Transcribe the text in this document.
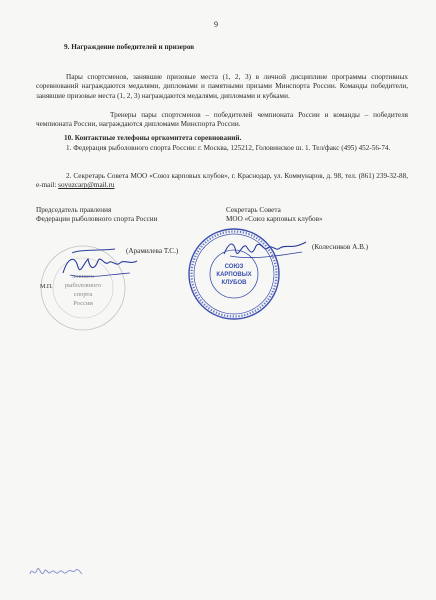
9
9. Награждение победителей и призеров
Пары спортсменов, занявшие призовые места (1, 2, 3) в личной дисциплине программы спортивных соревнований награждаются медалями, дипломами и памятными призами Минспорта России. Команды победители, занявшие призовые места (1, 2, 3) награждаются медалями, дипломами и кубками.
Тренеры пары спортсменов – победителей чемпионата России и команды – победителя чемпионата России, награждаются дипломами Минспорта России.
10. Контактные телефоны оргкомитета соревнований.
1. Федерация рыболовного спорта России: г. Москва, 125212, Головинское ш. 1. Тел/факс (495) 452-56-74.
2. Секретарь Совета МОО «Союз карповых клубов», г. Краснодар, ул. Коммунаров, д. 98, тел. (861) 239-32-88, e-mail: soyuzcarp@mail.ru
Председатель правления
Федерации рыболовного спорта России
Секретарь Совета
МОО «Союз карповых клубов»
ловного
рыболовного
спорта
России
М.П.
(Арамилева Т.С.)
СОЮЗ
КАРПОВЫХ
КЛУБОВ
(Колесников А.В.)
